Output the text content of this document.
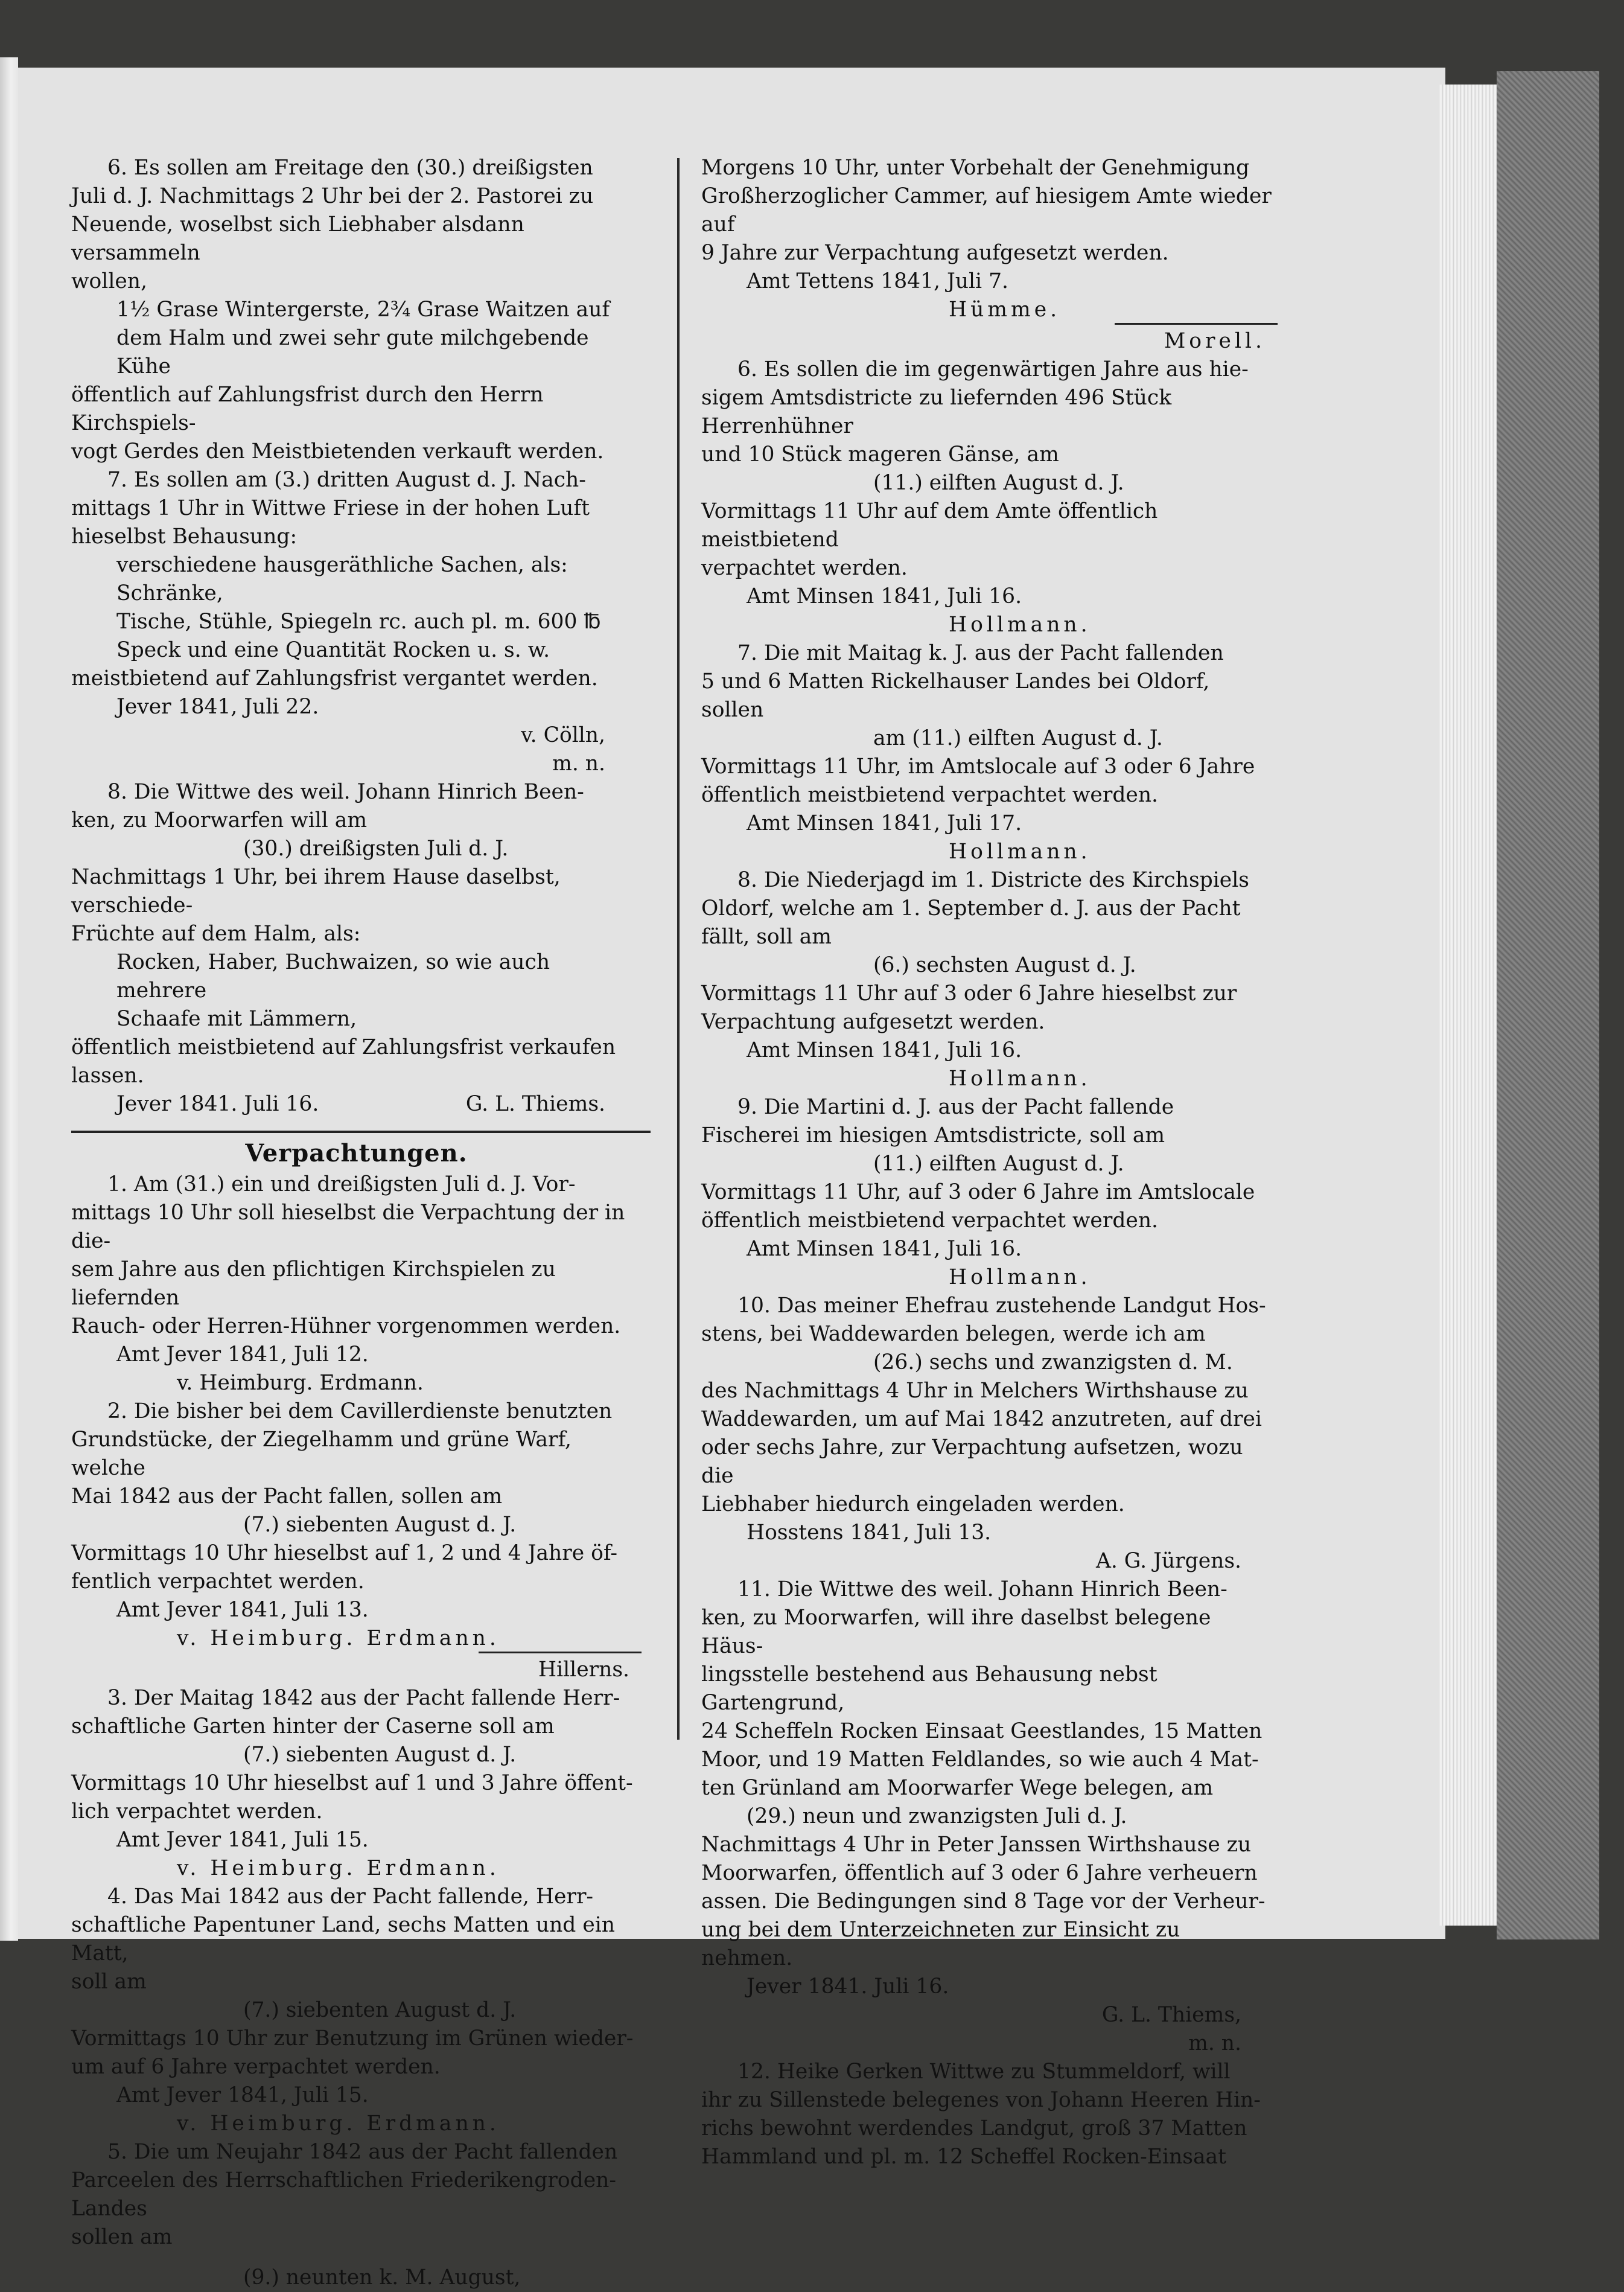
6. Es sollen am Freitage den (30.) dreißigsten

Juli d. J. Nachmittags 2 Uhr bei der 2. Pastorei zu

Neuende, woselbst sich Liebhaber alsdann versammeln

wollen,

1½ Grase Wintergerste, 2¾ Grase Waitzen auf

dem Halm und zwei sehr gute milchgebende Kühe

öffentlich auf Zahlungsfrist durch den Herrn Kirchspiels-

vogt Gerdes den Meistbietenden verkauft werden.

7. Es sollen am (3.) dritten August d. J. Nach-

mittags 1 Uhr in Wittwe Friese in der hohen Luft

hieselbst Behausung:

verschiedene hausgeräthliche Sachen, als: Schränke,

Tische, Stühle, Spiegeln rc. auch pl. m. 600 ℔

Speck und eine Quantität Rocken u. s. w.

meistbietend auf Zahlungsfrist vergantet werden.

Jever 1841, Juli 22.

v. Cölln,

m. n.

8. Die Wittwe des weil. Johann Hinrich Been-

ken, zu Moorwarfen will am

(30.) dreißigsten Juli d. J.

Nachmittags 1 Uhr, bei ihrem Hause daselbst, verschiede-

Früchte auf dem Halm, als:

Rocken, Haber, Buchwaizen, so wie auch mehrere

Schaafe mit Lämmern,

öffentlich meistbietend auf Zahlungsfrist verkaufen lassen.

Jever 1841. Juli 16.	G. L. Thiems.

Verpachtungen.

1. Am (31.) ein und dreißigsten Juli d. J. Vor-

mittags 10 Uhr soll hieselbst die Verpachtung der in die-

sem Jahre aus den pflichtigen Kirchspielen zu liefernden

Rauch- oder Herren-Hühner vorgenommen werden.

Amt Jever 1841, Juli 12.

v. Heimburg. Erdmann.

2. Die bisher bei dem Cavillerdienste benutzten

Grundstücke, der Ziegelhamm und grüne Warf, welche

Mai 1842 aus der Pacht fallen, sollen am

(7.) siebenten August d. J.

Vormittags 10 Uhr hieselbst auf 1, 2 und 4 Jahre öf-

fentlich verpachtet werden.

Amt Jever 1841, Juli 13.

v. Heimburg. Erdmann.

Hillerns.

3. Der Maitag 1842 aus der Pacht fallende Herr-

schaftliche Garten hinter der Caserne soll am

(7.) siebenten August d. J.

Vormittags 10 Uhr hieselbst auf 1 und 3 Jahre öffent-

lich verpachtet werden.

Amt Jever 1841, Juli 15.

v. Heimburg. Erdmann.

4. Das Mai 1842 aus der Pacht fallende, Herr-

schaftliche Papentuner Land, sechs Matten und ein Matt,

soll am

(7.) siebenten August d. J.

Vormittags 10 Uhr zur Benutzung im Grünen wieder-

um auf 6 Jahre verpachtet werden.

Amt Jever 1841, Juli 15.

v. Heimburg. Erdmann.

5. Die um Neujahr 1842 aus der Pacht fallenden

Parceelen des Herrschaftlichen Friederikengroden-Landes

sollen am

(9.) neunten k. M. August,

Morgens 10 Uhr, unter Vorbehalt der Genehmigung

Großherzoglicher Cammer, auf hiesigem Amte wieder auf

9 Jahre zur Verpachtung aufgesetzt werden.

Amt Tettens 1841, Juli 7.

Hümme.

Morell.

6. Es sollen die im gegenwärtigen Jahre aus hie-

sigem Amtsdistricte zu liefernden 496 Stück Herrenhühner

und 10 Stück mageren Gänse, am

(11.) eilften August d. J.

Vormittags 11 Uhr auf dem Amte öffentlich meistbietend

verpachtet werden.

Amt Minsen 1841, Juli 16.

Hollmann.

7. Die mit Maitag k. J. aus der Pacht fallenden

5 und 6 Matten Rickelhauser Landes bei Oldorf, sollen

am (11.) eilften August d. J.

Vormittags 11 Uhr, im Amtslocale auf 3 oder 6 Jahre

öffentlich meistbietend verpachtet werden.

Amt Minsen 1841, Juli 17.

Hollmann.

8. Die Niederjagd im 1. Districte des Kirchspiels

Oldorf, welche am 1. September d. J. aus der Pacht

fällt, soll am

(6.) sechsten August d. J.

Vormittags 11 Uhr auf 3 oder 6 Jahre hieselbst zur

Verpachtung aufgesetzt werden.

Amt Minsen 1841, Juli 16.

Hollmann.

9. Die Martini d. J. aus der Pacht fallende

Fischerei im hiesigen Amtsdistricte, soll am

(11.) eilften August d. J.

Vormittags 11 Uhr, auf 3 oder 6 Jahre im Amtslocale

öffentlich meistbietend verpachtet werden.

Amt Minsen 1841, Juli 16.

Hollmann.

10. Das meiner Ehefrau zustehende Landgut Hos-

stens, bei Waddewarden belegen, werde ich am

(26.) sechs und zwanzigsten d. M.

des Nachmittags 4 Uhr in Melchers Wirthshause zu

Waddewarden, um auf Mai 1842 anzutreten, auf drei

oder sechs Jahre, zur Verpachtung aufsetzen, wozu die

Liebhaber hiedurch eingeladen werden.

Hosstens 1841, Juli 13.

A. G. Jürgens.

11. Die Wittwe des weil. Johann Hinrich Been-

ken, zu Moorwarfen, will ihre daselbst belegene Häus-

lingsstelle bestehend aus Behausung nebst Gartengrund,

24 Scheffeln Rocken Einsaat Geestlandes, 15 Matten

Moor, und 19 Matten Feldlandes, so wie auch 4 Mat-

ten Grünland am Moorwarfer Wege belegen, am

(29.) neun und zwanzigsten Juli d. J.

Nachmittags 4 Uhr in Peter Janssen Wirthshause zu

Moorwarfen, öffentlich auf 3 oder 6 Jahre verheuern

assen. Die Bedingungen sind 8 Tage vor der Verheur-

ung bei dem Unterzeichneten zur Einsicht zu nehmen.

Jever 1841. Juli 16.

G. L. Thiems,

m. n.

12. Heike Gerken Wittwe zu Stummeldorf, will

ihr zu Sillenstede belegenes von Johann Heeren Hin-

richs bewohnt werdendes Landgut, groß 37 Matten

Hammland und pl. m. 12 Scheffel Rocken-Einsaat
